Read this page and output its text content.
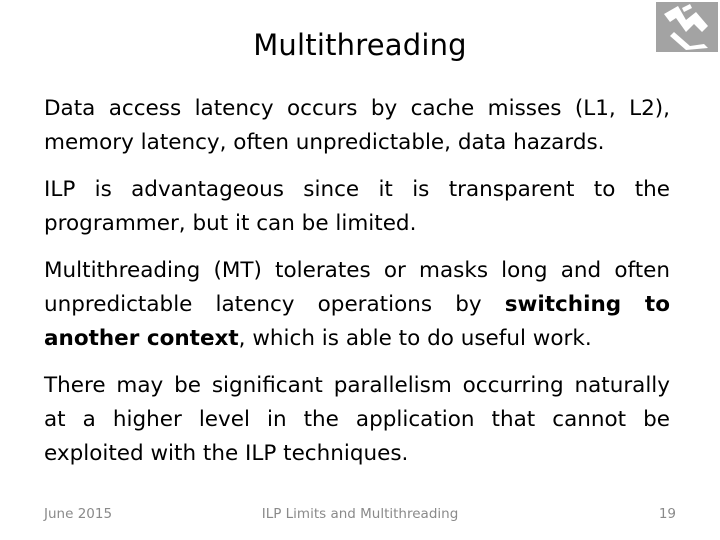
Multithreading

Data access latency occurs by cache misses (L1, L2), memory latency, often unpredictable, data hazards.

ILP is advantageous since it is transparent to the programmer, but it can be limited.

Multithreading (MT) tolerates or masks long and often unpredictable latency operations by switching to another context, which is able to do useful work.

There may be significant parallelism occurring naturally at a higher level in the application that cannot be exploited with the ILP techniques.

June 2015	ILP Limits and Multithreading	19
